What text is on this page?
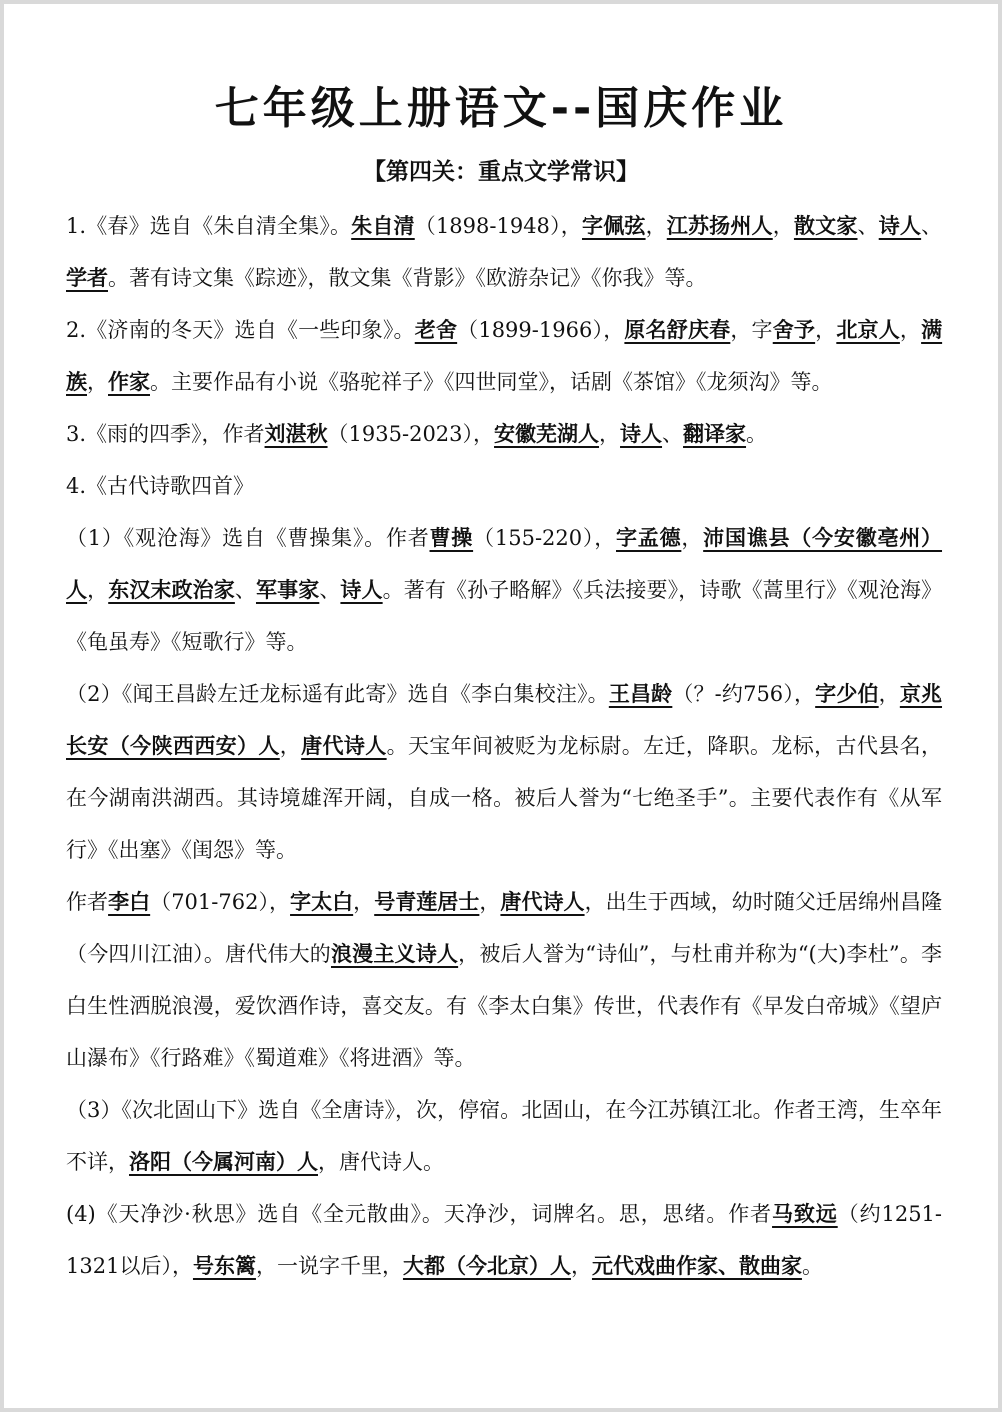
七年级上册语文--国庆作业
【第四关：重点文学常识】

1.《春》选自《朱自清全集》。朱自清（1898-1948），字佩弦，江苏扬州人，散文家、诗人、学者。著有诗文集《踪迹》，散文集《背影》《欧游杂记》《你我》等。

2.《济南的冬天》选自《一些印象》。老舍（1899-1966），原名舒庆春，字舍予，北京人，满族，作家。主要作品有小说《骆驼祥子》《四世同堂》，话剧《茶馆》《龙须沟》等。

3.《雨的四季》，作者刘湛秋（1935-2023），安徽芜湖人，诗人、翻译家。

4.《古代诗歌四首》

（1）《观沧海》选自《曹操集》。作者曹操（155-220），字孟德，沛国谯县（今安徽亳州）人，东汉末政治家、军事家、诗人。著有《孙子略解》《兵法接要》，诗歌《蒿里行》《观沧海》《龟虽寿》《短歌行》等。

（2）《闻王昌龄左迁龙标遥有此寄》选自《李白集校注》。王昌龄（？-约756），字少伯，京兆长安（今陕西西安）人，唐代诗人。天宝年间被贬为龙标尉。左迁，降职。龙标，古代县名，在今湖南洪湖西。其诗境雄浑开阔，自成一格。被后人誉为“七绝圣手”。主要代表作有《从军行》《出塞》《闺怨》等。

作者李白（701-762），字太白，号青莲居士，唐代诗人，出生于西域，幼时随父迁居绵州昌隆（今四川江油）。唐代伟大的浪漫主义诗人，被后人誉为“诗仙”，与杜甫并称为“(大)李杜”。李白生性洒脱浪漫，爱饮酒作诗，喜交友。有《李太白集》传世，代表作有《早发白帝城》《望庐山瀑布》《行路难》《蜀道难》《将进酒》等。

（3）《次北固山下》选自《全唐诗》，次，停宿。北固山，在今江苏镇江北。作者王湾，生卒年不详，洛阳（今属河南）人，唐代诗人。

(4)《天净沙·秋思》选自《全元散曲》。天净沙，词牌名。思，思绪。作者马致远（约1251-1321以后），号东篱，一说字千里，大都（今北京）人，元代戏曲作家、散曲家。
